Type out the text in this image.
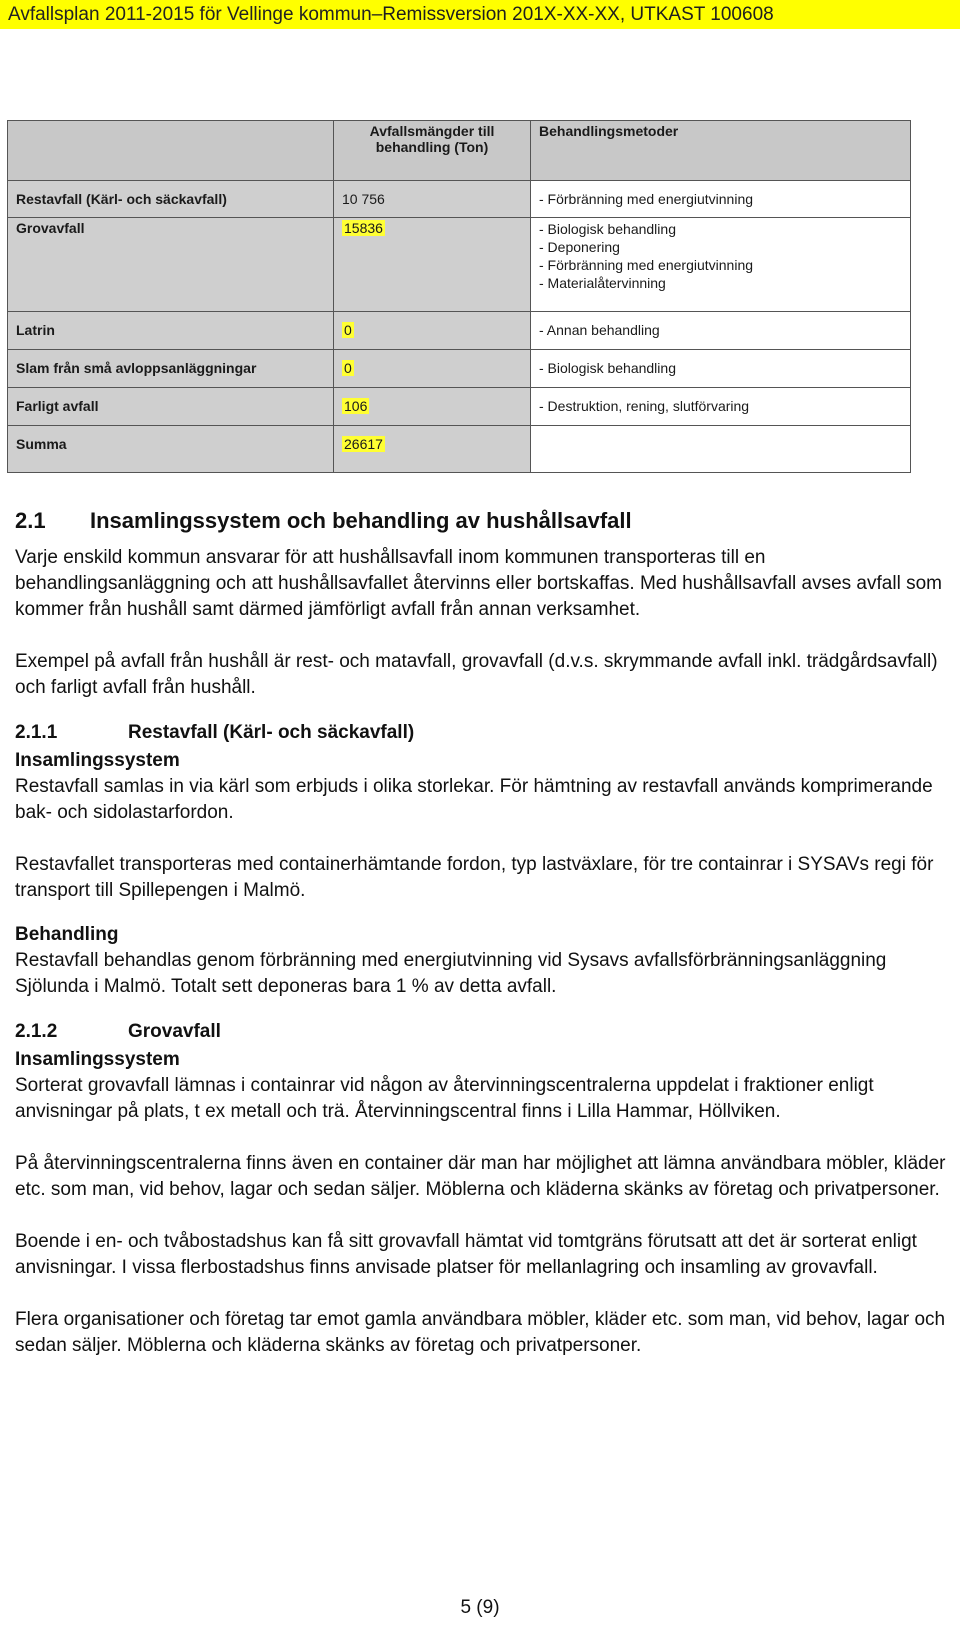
Avfallsplan 2011-2015 för Vellinge kommun–Remissversion 201X-XX-XX, UTKAST 100608
	Avfallsmängder till behandling (Ton)	Behandlingsmetoder
Restavfall (Kärl- och säckavfall)	10 756	- Förbränning med energiutvinning

Grovavfall	15836	- Biologisk behandling
- Deponering
- Förbränning med energiutvinning
- Materialåtervinning

Latrin	0	- Annan behandling

Slam från små avloppsanläggningar	0	- Biologisk behandling

Farligt avfall	106	- Destruktion, rening, slutförvaring

Summa	26617	
2.1 Insamlingssystem och behandling av hushållsavfall

Varje enskild kommun ansvarar för att hushållsavfall inom kommunen transporteras till en behandlingsanläggning och att hushållsavfallet återvinns eller bortskaffas. Med hushållsavfall avses avfall som kommer från hushåll samt därmed jämförligt avfall från annan verksamhet.

Exempel på avfall från hushåll är rest- och matavfall, grovavfall (d.v.s. skrymmande avfall inkl. trädgårdsavfall) och farligt avfall från hushåll.

2.1.1	Restavfall (Kärl- och säckavfall)
Insamlingssystem

Restavfall samlas in via kärl som erbjuds i olika storlekar. För hämtning av restavfall används komprimerande bak- och sidolastarfordon.

Restavfallet transporteras med containerhämtande fordon, typ lastväxlare, för tre containrar i SYSAVs regi för transport till Spillepengen i Malmö.

Behandling

Restavfall behandlas genom förbränning med energiutvinning vid Sysavs avfallsförbränningsanläggning Sjölunda i Malmö. Totalt sett deponeras bara 1 % av detta avfall.

2.1.2	Grovavfall
Insamlingssystem

Sorterat grovavfall lämnas i containrar vid någon av återvinningscentralerna uppdelat i fraktioner enligt anvisningar på plats, t ex metall och trä. Återvinningscentral finns i Lilla Hammar, Höllviken.

På återvinningscentralerna finns även en container där man har möjlighet att lämna användbara möbler, kläder etc. som man, vid behov, lagar och sedan säljer. Möblerna och kläderna skänks av företag och privatpersoner.

Boende i en- och tvåbostadshus kan få sitt grovavfall hämtat vid tomtgräns förutsatt att det är sorterat enligt anvisningar. I vissa flerbostadshus finns anvisade platser för mellanlagring och insamling av grovavfall.

Flera organisationer och företag tar emot gamla användbara möbler, kläder etc. som man, vid behov, lagar och sedan säljer. Möblerna och kläderna skänks av företag och privatpersoner.

5 (9)
